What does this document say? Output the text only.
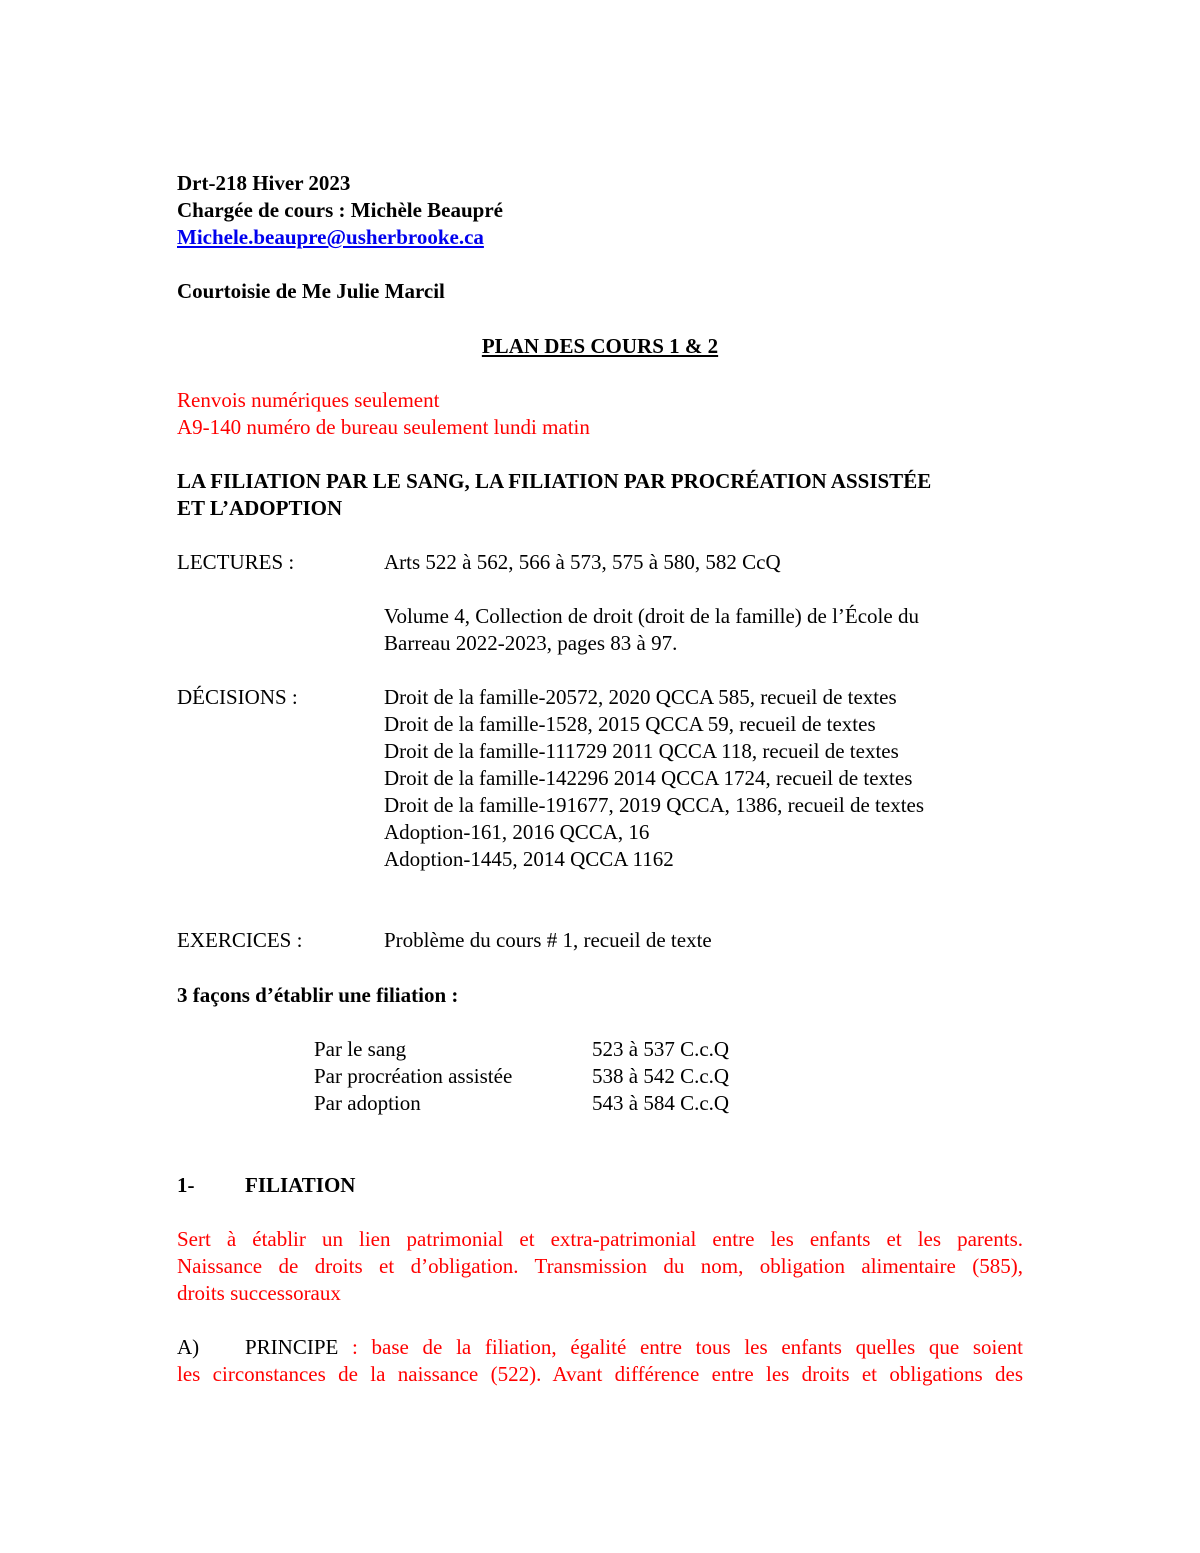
Drt-218 Hiver 2023
Chargée de cours : Michèle Beaupré
Michele.beaupre@usherbrooke.ca
Courtoisie de Me Julie Marcil
PLAN DES COURS 1 & 2
Renvois numériques seulement
A9-140 numéro de bureau seulement lundi matin
LA FILIATION PAR LE SANG, LA FILIATION PAR PROCRÉATION ASSISTÉE
ET L’ADOPTION
LECTURES :	Arts 522 à 562, 566 à 573, 575 à 580, 582 CcQ
Volume 4, Collection de droit (droit de la famille) de l’École du
Barreau 2022-2023, pages 83 à 97.
DÉCISIONS :	Droit de la famille-20572, 2020 QCCA 585, recueil de textes
Droit de la famille-1528, 2015 QCCA 59, recueil de textes
Droit de la famille-111729 2011 QCCA 118, recueil de textes
Droit de la famille-142296 2014 QCCA 1724, recueil de textes
Droit de la famille-191677, 2019 QCCA, 1386, recueil de textes
Adoption-161, 2016 QCCA, 16
Adoption-1445, 2014 QCCA 1162
EXERCICES :	Problème du cours # 1, recueil de texte
3 façons d’établir une filiation :
Par le sang	523 à 537 C.c.Q
Par procréation assistée	538 à 542 C.c.Q
Par adoption	543 à 584 C.c.Q
1- FILIATION
Sert à établir un lien patrimonial et extra-patrimonial entre les enfants et les parents.
Naissance de droits et d’obligation. Transmission du nom, obligation alimentaire (585),
droits successoraux
A) PRINCIPE : base de la filiation, égalité entre tous les enfants quelles que soient
les circonstances de la naissance (522). Avant différence entre les droits et obligations des
